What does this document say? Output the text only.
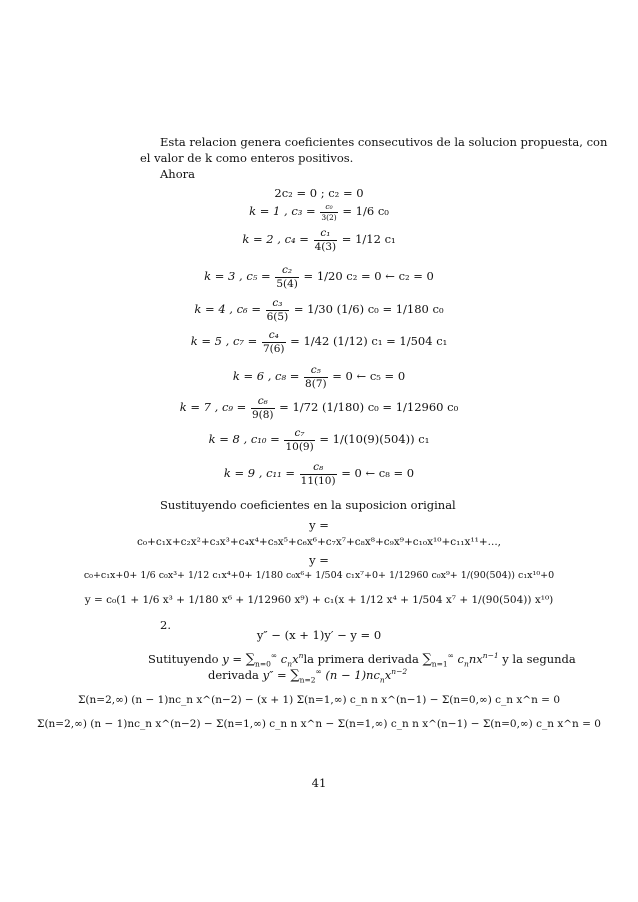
Esta relacion genera coeficientes consecutivos de la solucion propuesta, con
el valor de k como enteros positivos.
Ahora
2c₂ = 0 ; c₂ = 0
k = 1 , $c_3 = \frac{\text{c₀}}{3(2)} = 1/6$ c₀
k = 2 , $c_4 = \frac{\text{c₁}}{4(3)} = 1/12$ c₁
k = 3 , $c_5 = \frac{\text{c₂}}{5(4)} = 1/20$ c₂ = 0 ← c₂ = 0
k = 4 , $c_6 = \frac{\text{c₃}}{6(5)} = 1/30$ (1/6) c₀ = 1/180 c₀
k = 5 , $c_7 = \frac{\text{c₄}}{7(6)} = 1/42$ (1/12) c₁ = 1/504 c₁
k = 6 , $c_8 = \frac{\text{c₅}}{8(7)} = 0$ ← c₅ = 0
k = 7 , $c_9 = \frac{\text{c₆}}{9(8)} = 1/72$ (1/180) c₀ = 1/12960 c₀
k = 8 , $c_{10} = \frac{\text{c₇}}{10(9)} = 1/(10(9)(504))$ c₁
k = 9 , $c_{11} = \frac{\text{c₈}}{11(10)} = 0$ ← c₈ = 0
Sustituyendo coeficientes en la suposicion original
y =
c₀+c₁x+c₂x²+c₃x³+c₄x⁴+c₅x⁵+c₆x⁶+c₇x⁷+c₈x⁸+c₉x⁹+c₁₀x¹⁰+c₁₁x¹¹+...,
y =
c₀+c₁x+0+ 1/6 c₀x³+ 1/12 c₁x⁴+0+ 1/180 c₀x⁶+ 1/504 c₁x⁷+0+ 1/12960 c₀x⁹+ 1/(90(504)) c₁x¹⁰+0
y = c₀(1 + 1/6 x³ + 1/180 x⁶ + 1/12960 x⁹) + c₁(x + 1/12 x⁴ + 1/504 x⁷ + 1/(90(504)) x¹⁰)
2.
y″ − (x + 1)y′ − y = 0
Sutituyendo $y = \sum_{n=0}^\infty$ $c_nx^nla$ primera derivada $\sum_{n=1}^\infty$ $c_nnx^{n-1}$ y la segunda
derivada $y'' = \sum_{n=2}^\infty$ $(n - 1)nc_nx^{n-2}$
Σ(n=2,∞) (n − 1)nc_n x^(n−2) − (x + 1) Σ(n=1,∞) c_n n x^(n−1) − Σ(n=0,∞) c_n x^n = 0
Σ(n=2,∞) (n − 1)nc_n x^(n−2) − Σ(n=1,∞) c_n n x^n − Σ(n=1,∞) c_n n x^(n−1) − Σ(n=0,∞) c_n x^n = 0
41
